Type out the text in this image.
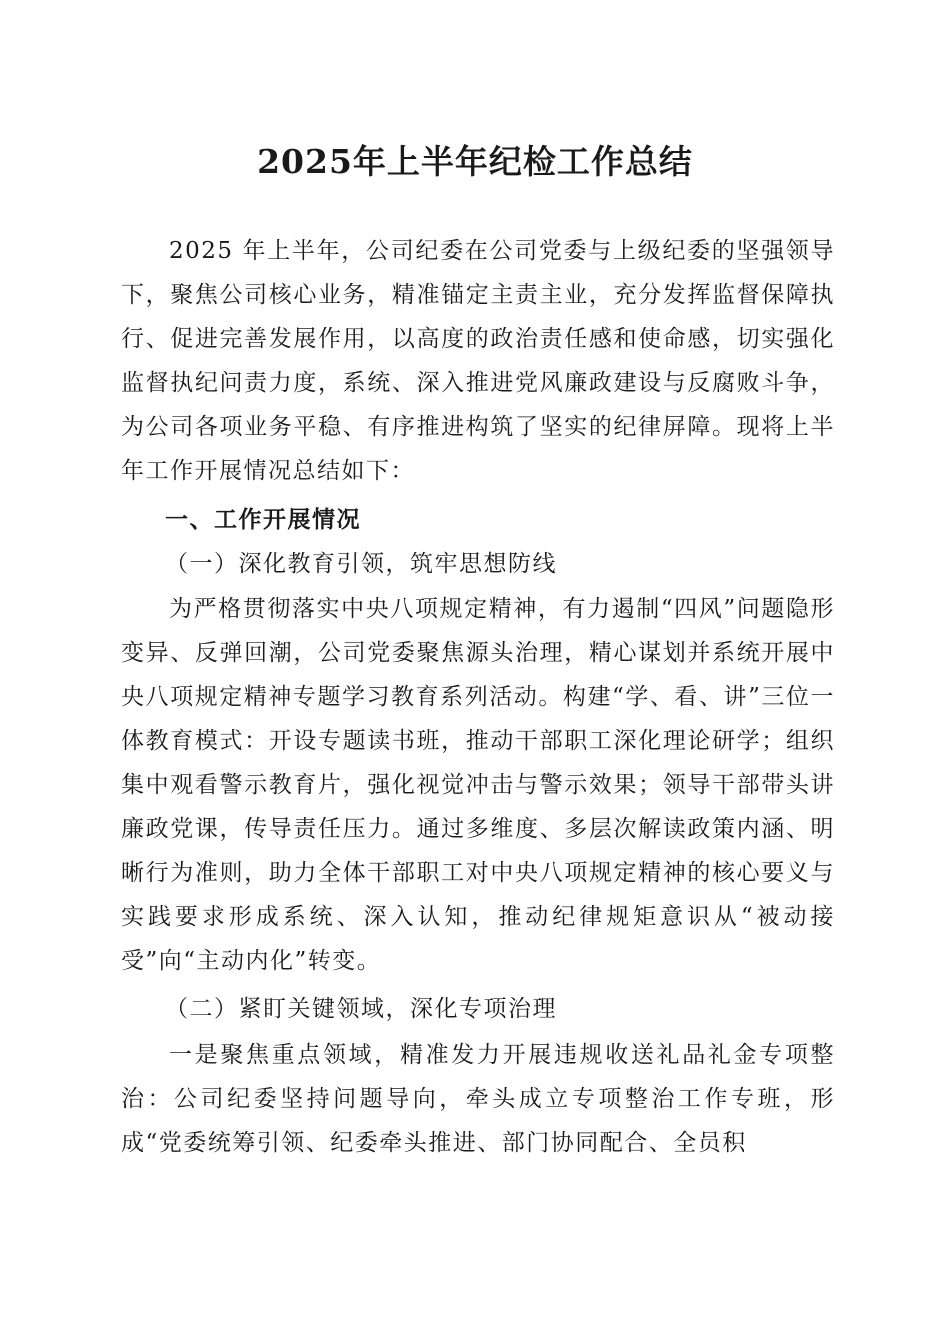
2025年上半年纪检工作总结
2025 年上半年，公司纪委在公司党委与上级纪委的坚强领导下，聚焦公司核心业务，精准锚定主责主业，充分发挥监督保障执行、促进完善发展作用，以高度的政治责任感和使命感，切实强化监督执纪问责力度，系统、深入推进党风廉政建设与反腐败斗争，为公司各项业务平稳、有序推进构筑了坚实的纪律屏障。现将上半年工作开展情况总结如下：
一、工作开展情况
（一）深化教育引领，筑牢思想防线
为严格贯彻落实中央八项规定精神，有力遏制“四风”问题隐形变异、反弹回潮，公司党委聚焦源头治理，精心谋划并系统开展中央八项规定精神专题学习教育系列活动。构建“学、看、讲”三位一体教育模式：开设专题读书班，推动干部职工深化理论研学；组织集中观看警示教育片，强化视觉冲击与警示效果；领导干部带头讲廉政党课，传导责任压力。通过多维度、多层次解读政策内涵、明晰行为准则，助力全体干部职工对中央八项规定精神的核心要义与实践要求形成系统、深入认知，推动纪律规矩意识从“被动接受”向“主动内化”转变。
（二）紧盯关键领域，深化专项治理
一是聚焦重点领域，精准发力开展违规收送礼品礼金专项整治：公司纪委坚持问题导向，牵头成立专项整治工作专班，形成“党委统筹引领、纪委牵头推进、部门协同配合、全员积
